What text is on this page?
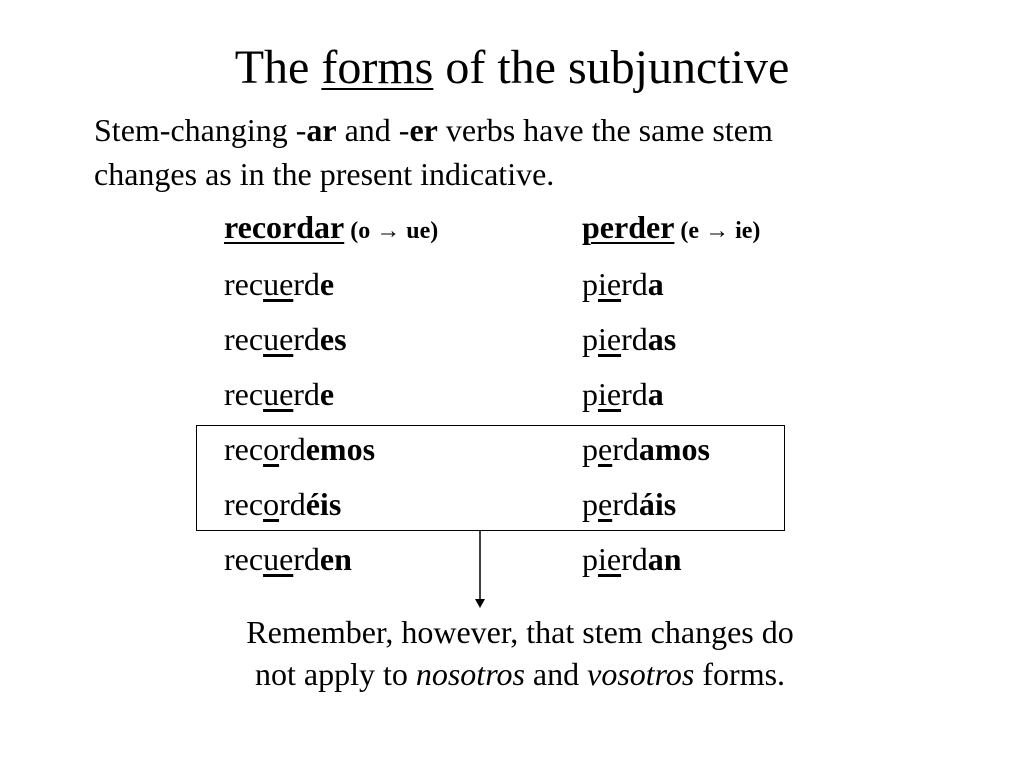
The forms of the subjunctive
Stem-changing -ar and -er verbs have the same stem
changes as in the present indicative.
recordar (o → ue)	perder (e → ie)
recuerde
recuerdes
recuerde
recordemos
recordéis
recuerden
pierda
pierdas
pierda
perdamos
perdáis
pierdan
Remember, however, that stem changes do
not apply to nosotros and vosotros forms.
